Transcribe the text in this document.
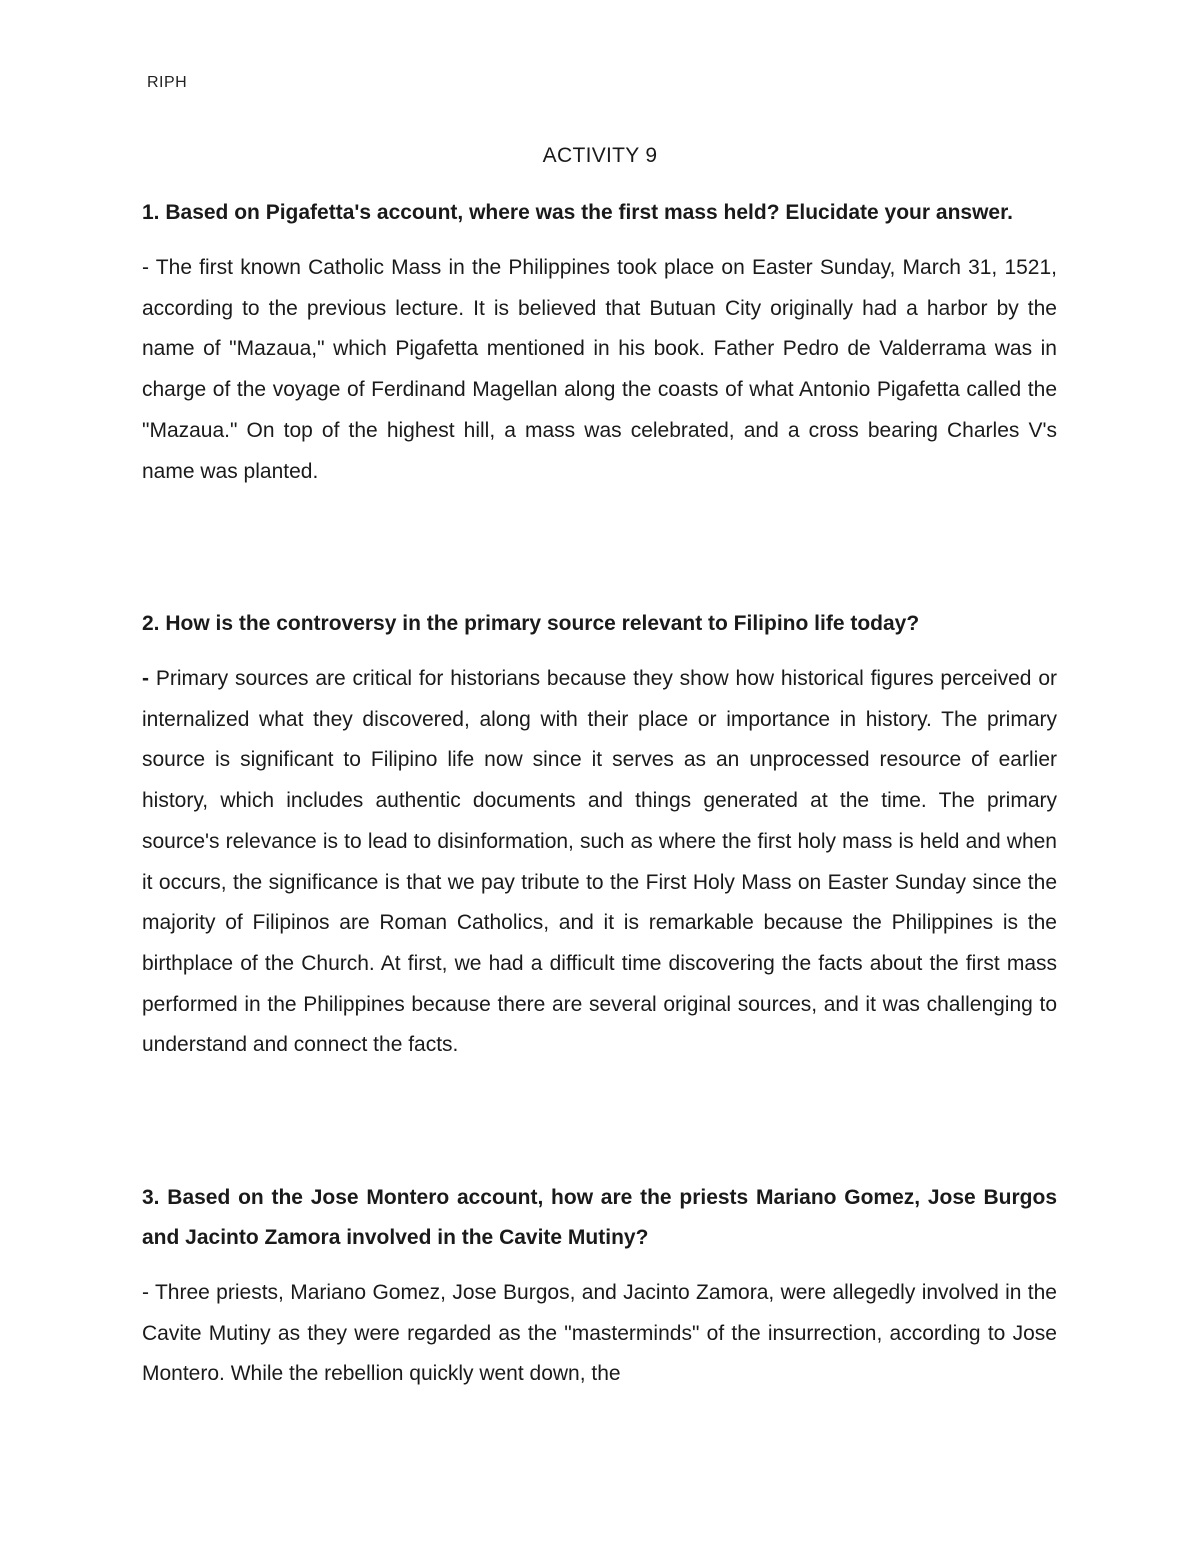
RIPH
ACTIVITY 9

1. Based on Pigafetta's account, where was the first mass held? Elucidate your answer.

- The first known Catholic Mass in the Philippines took place on Easter Sunday, March 31, 1521, according to the previous lecture. It is believed that Butuan City originally had a harbor by the name of "Mazaua," which Pigafetta mentioned in his book. Father Pedro de Valderrama was in charge of the voyage of Ferdinand Magellan along the coasts of what Antonio Pigafetta called the "Mazaua." On top of the highest hill, a mass was celebrated, and a cross bearing Charles V's name was planted.

2. How is the controversy in the primary source relevant to Filipino life today?

- Primary sources are critical for historians because they show how historical figures perceived or internalized what they discovered, along with their place or importance in history. The primary source is significant to Filipino life now since it serves as an unprocessed resource of earlier history, which includes authentic documents and things generated at the time. The primary source's relevance is to lead to disinformation, such as where the first holy mass is held and when it occurs, the significance is that we pay tribute to the First Holy Mass on Easter Sunday since the majority of Filipinos are Roman Catholics, and it is remarkable because the Philippines is the birthplace of the Church. At first, we had a difficult time discovering the facts about the first mass performed in the Philippines because there are several original sources, and it was challenging to understand and connect the facts.

3. Based on the Jose Montero account, how are the priests Mariano Gomez, Jose Burgos and Jacinto Zamora involved in the Cavite Mutiny?

- Three priests, Mariano Gomez, Jose Burgos, and Jacinto Zamora, were allegedly involved in the Cavite Mutiny as they were regarded as the "masterminds" of the insurrection, according to Jose Montero. While the rebellion quickly went down, the
